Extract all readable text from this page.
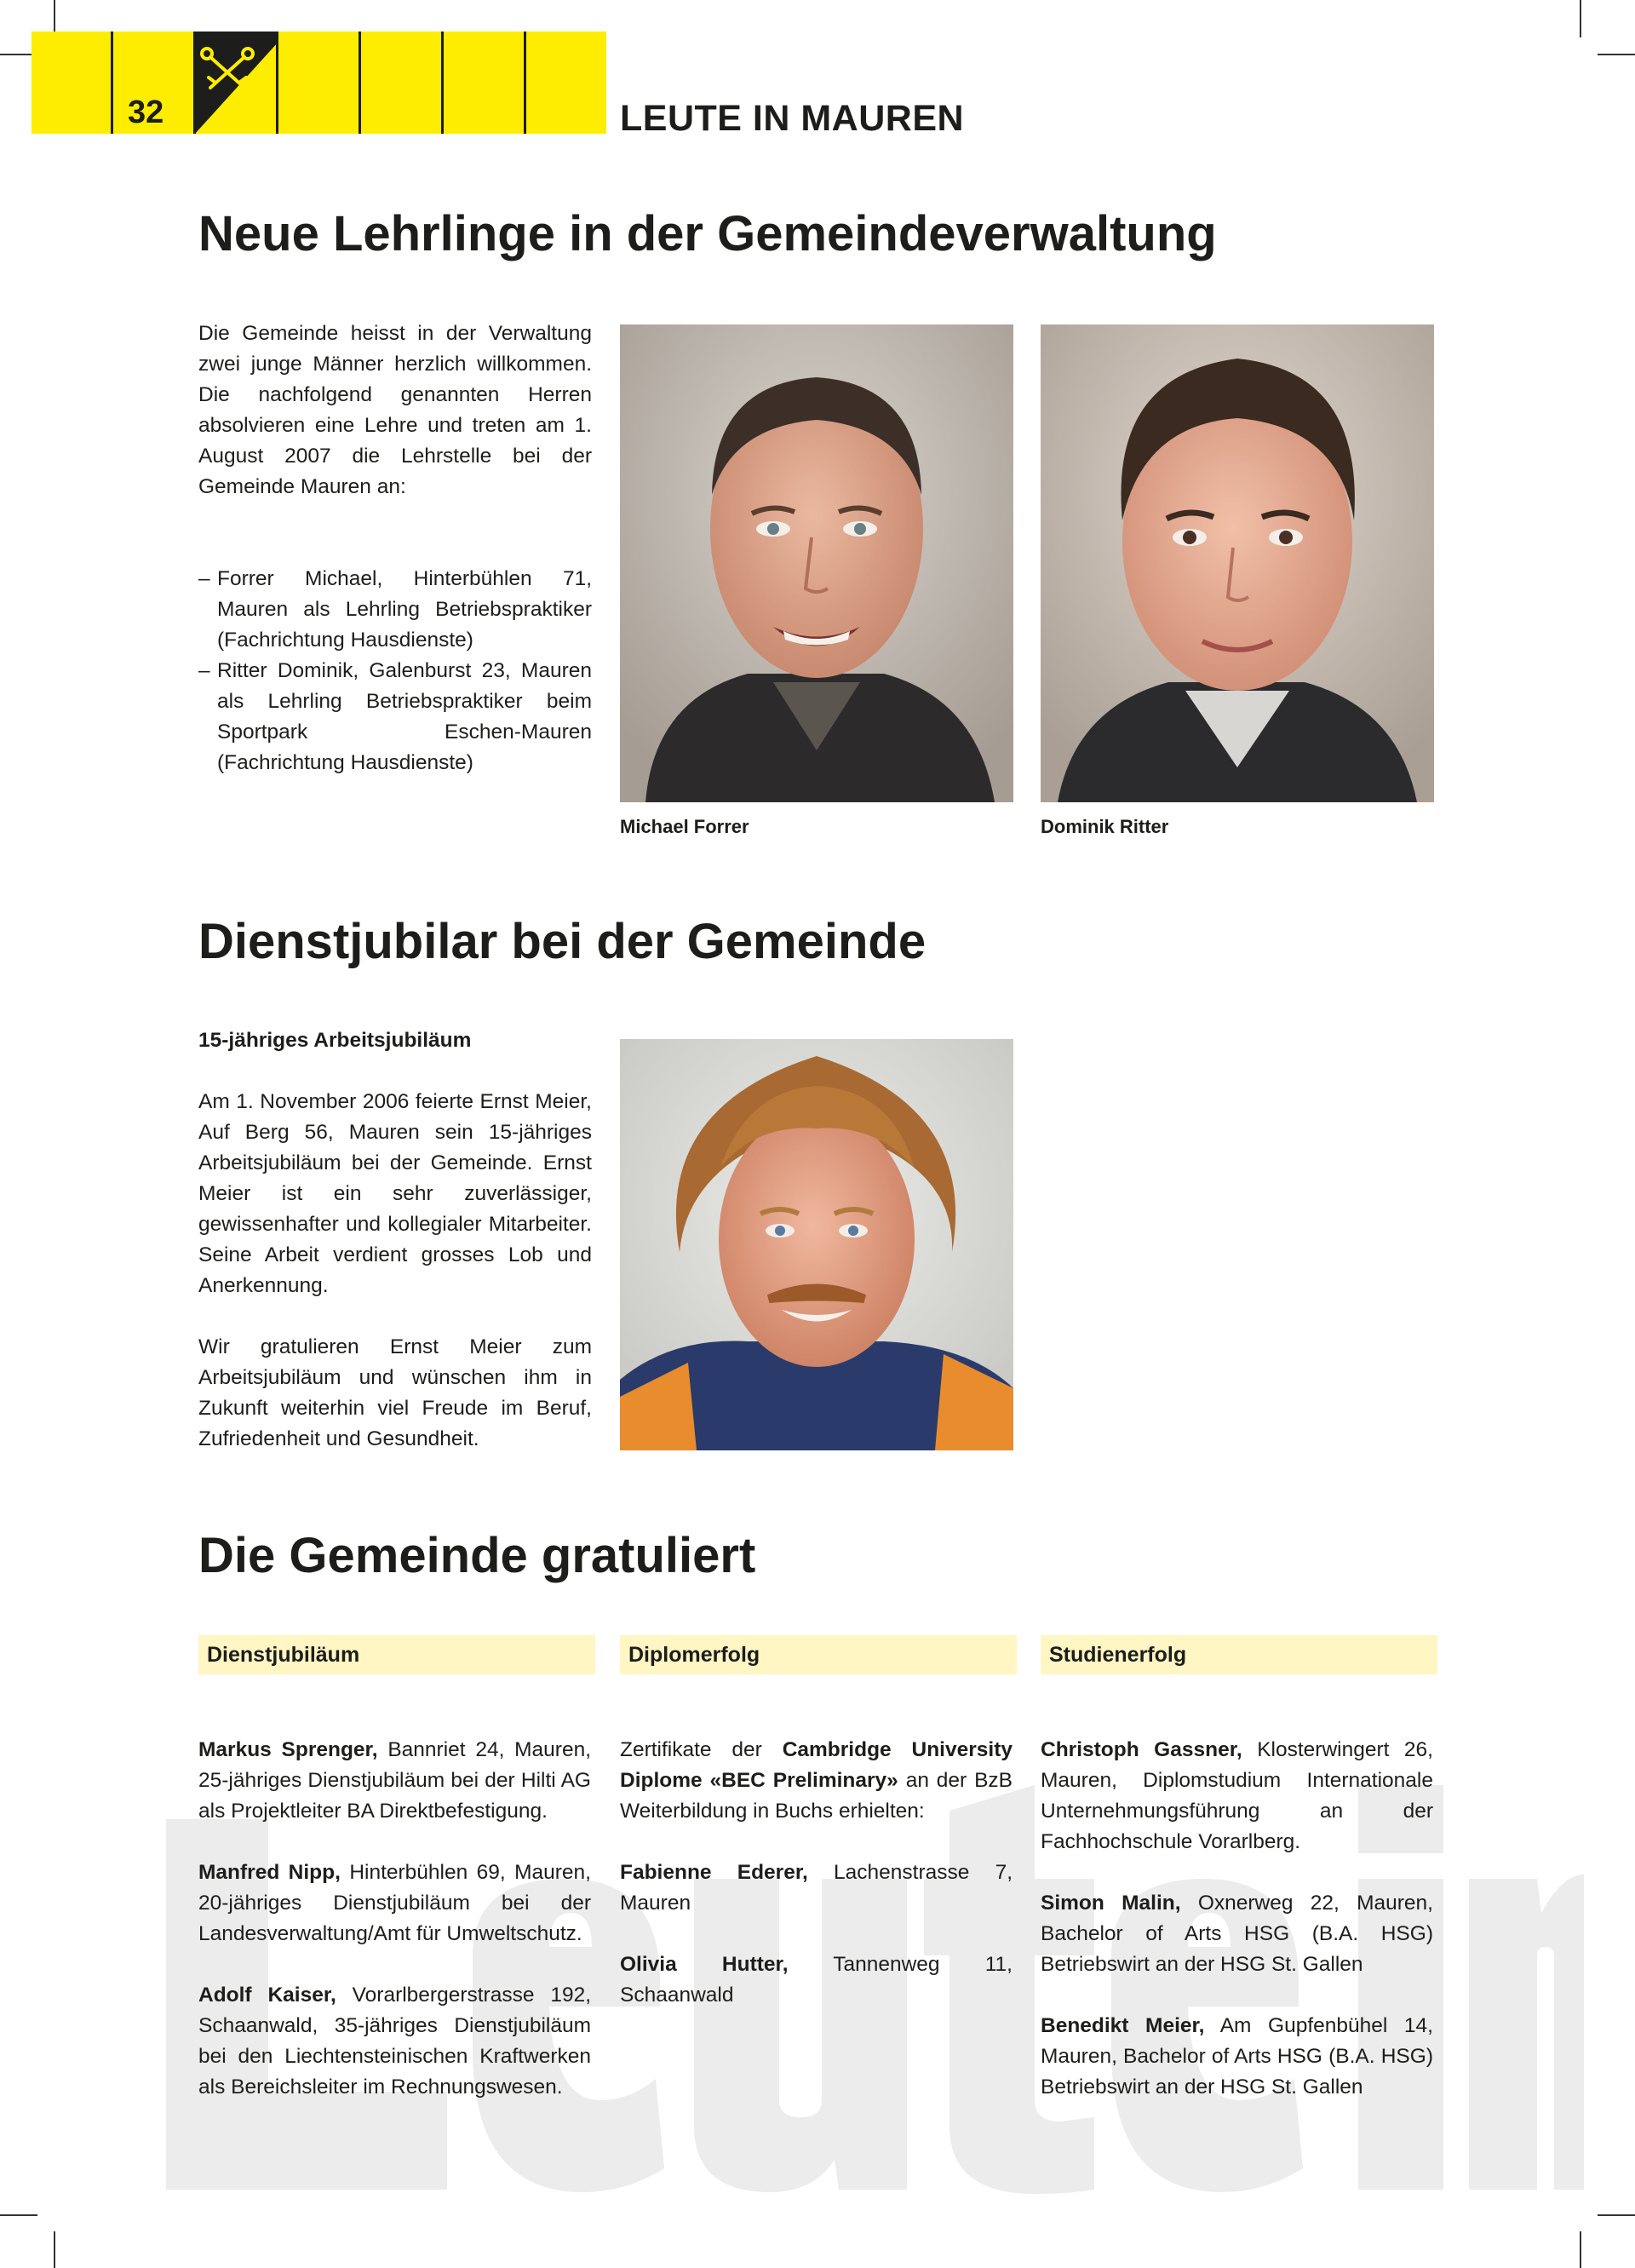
32	LEUTE IN MAUREN
Neue Lehrlinge in der Gemeindeverwaltung

Die Gemeinde heisst in der Verwaltung zwei junge Männer herzlich willkommen. Die nachfolgend genannten Herren absolvieren eine Lehre und treten am 1. August 2007 die Lehrstelle bei der Gemeinde Mauren an:

– Forrer Michael, Hinterbühlen 71, Mauren als Lehrling Betriebspraktiker (Fachrichtung Hausdienste)
– Ritter Dominik, Galenburst 23, Mauren als Lehrling Betriebspraktiker beim Sportpark Eschen-Mauren (Fachrichtung Hausdienste)
Michael Forrer	Dominik Ritter
Dienstjubilar bei der Gemeinde
15-jähriges Arbeitsjubiläum

Am 1. November 2006 feierte Ernst Meier, Auf Berg 56, Mauren sein 15-jähriges Arbeitsjubiläum bei der Gemeinde. Ernst Meier ist ein sehr zuverlässiger, gewissenhafter und kollegialer Mitarbeiter. Seine Arbeit verdient grosses Lob und Anerkennung.

Wir gratulieren Ernst Meier zum Arbeitsjubiläum und wünschen ihm in Zukunft weiterhin viel Freude im Beruf, Zufriedenheit und Gesundheit.

Die Gemeinde gratuliert
Dienstjubiläum	Diplomerfolg	Studienerfolg

Markus Sprenger, Bannriet 24, Mauren, 25-jähriges Dienstjubiläum bei der Hilti AG als Projektleiter BA Direktbefestigung.

Manfred Nipp, Hinterbühlen 69, Mauren, 20-jähriges Dienstjubiläum bei der Landesverwaltung/Amt für Umweltschutz.

Adolf Kaiser, Vorarlbergerstrasse 192, Schaanwald, 35-jähriges Dienstjubiläum bei den Liechtensteinischen Kraftwerken als Bereichsleiter im Rechnungswesen.

Zertifikate der Cambridge University Diplome «BEC Preliminary» an der BzB Weiterbildung in Buchs erhielten:

Fabienne Ederer, Lachenstrasse 7, Mauren

Olivia Hutter, Tannenweg 11, Schaanwald

Christoph Gassner, Klosterwingert 26, Mauren, Diplomstudium Internationale Unternehmungsführung an der Fachhochschule Vorarlberg.

Simon Malin, Oxnerweg 22, Mauren, Bachelor of Arts HSG (B.A. HSG) Betriebswirt an der HSG St. Gallen

Benedikt Meier, Am Gupfenbühel 14, Mauren, Bachelor of Arts HSG (B.A. HSG) Betriebswirt an der HSG St. Gallen
